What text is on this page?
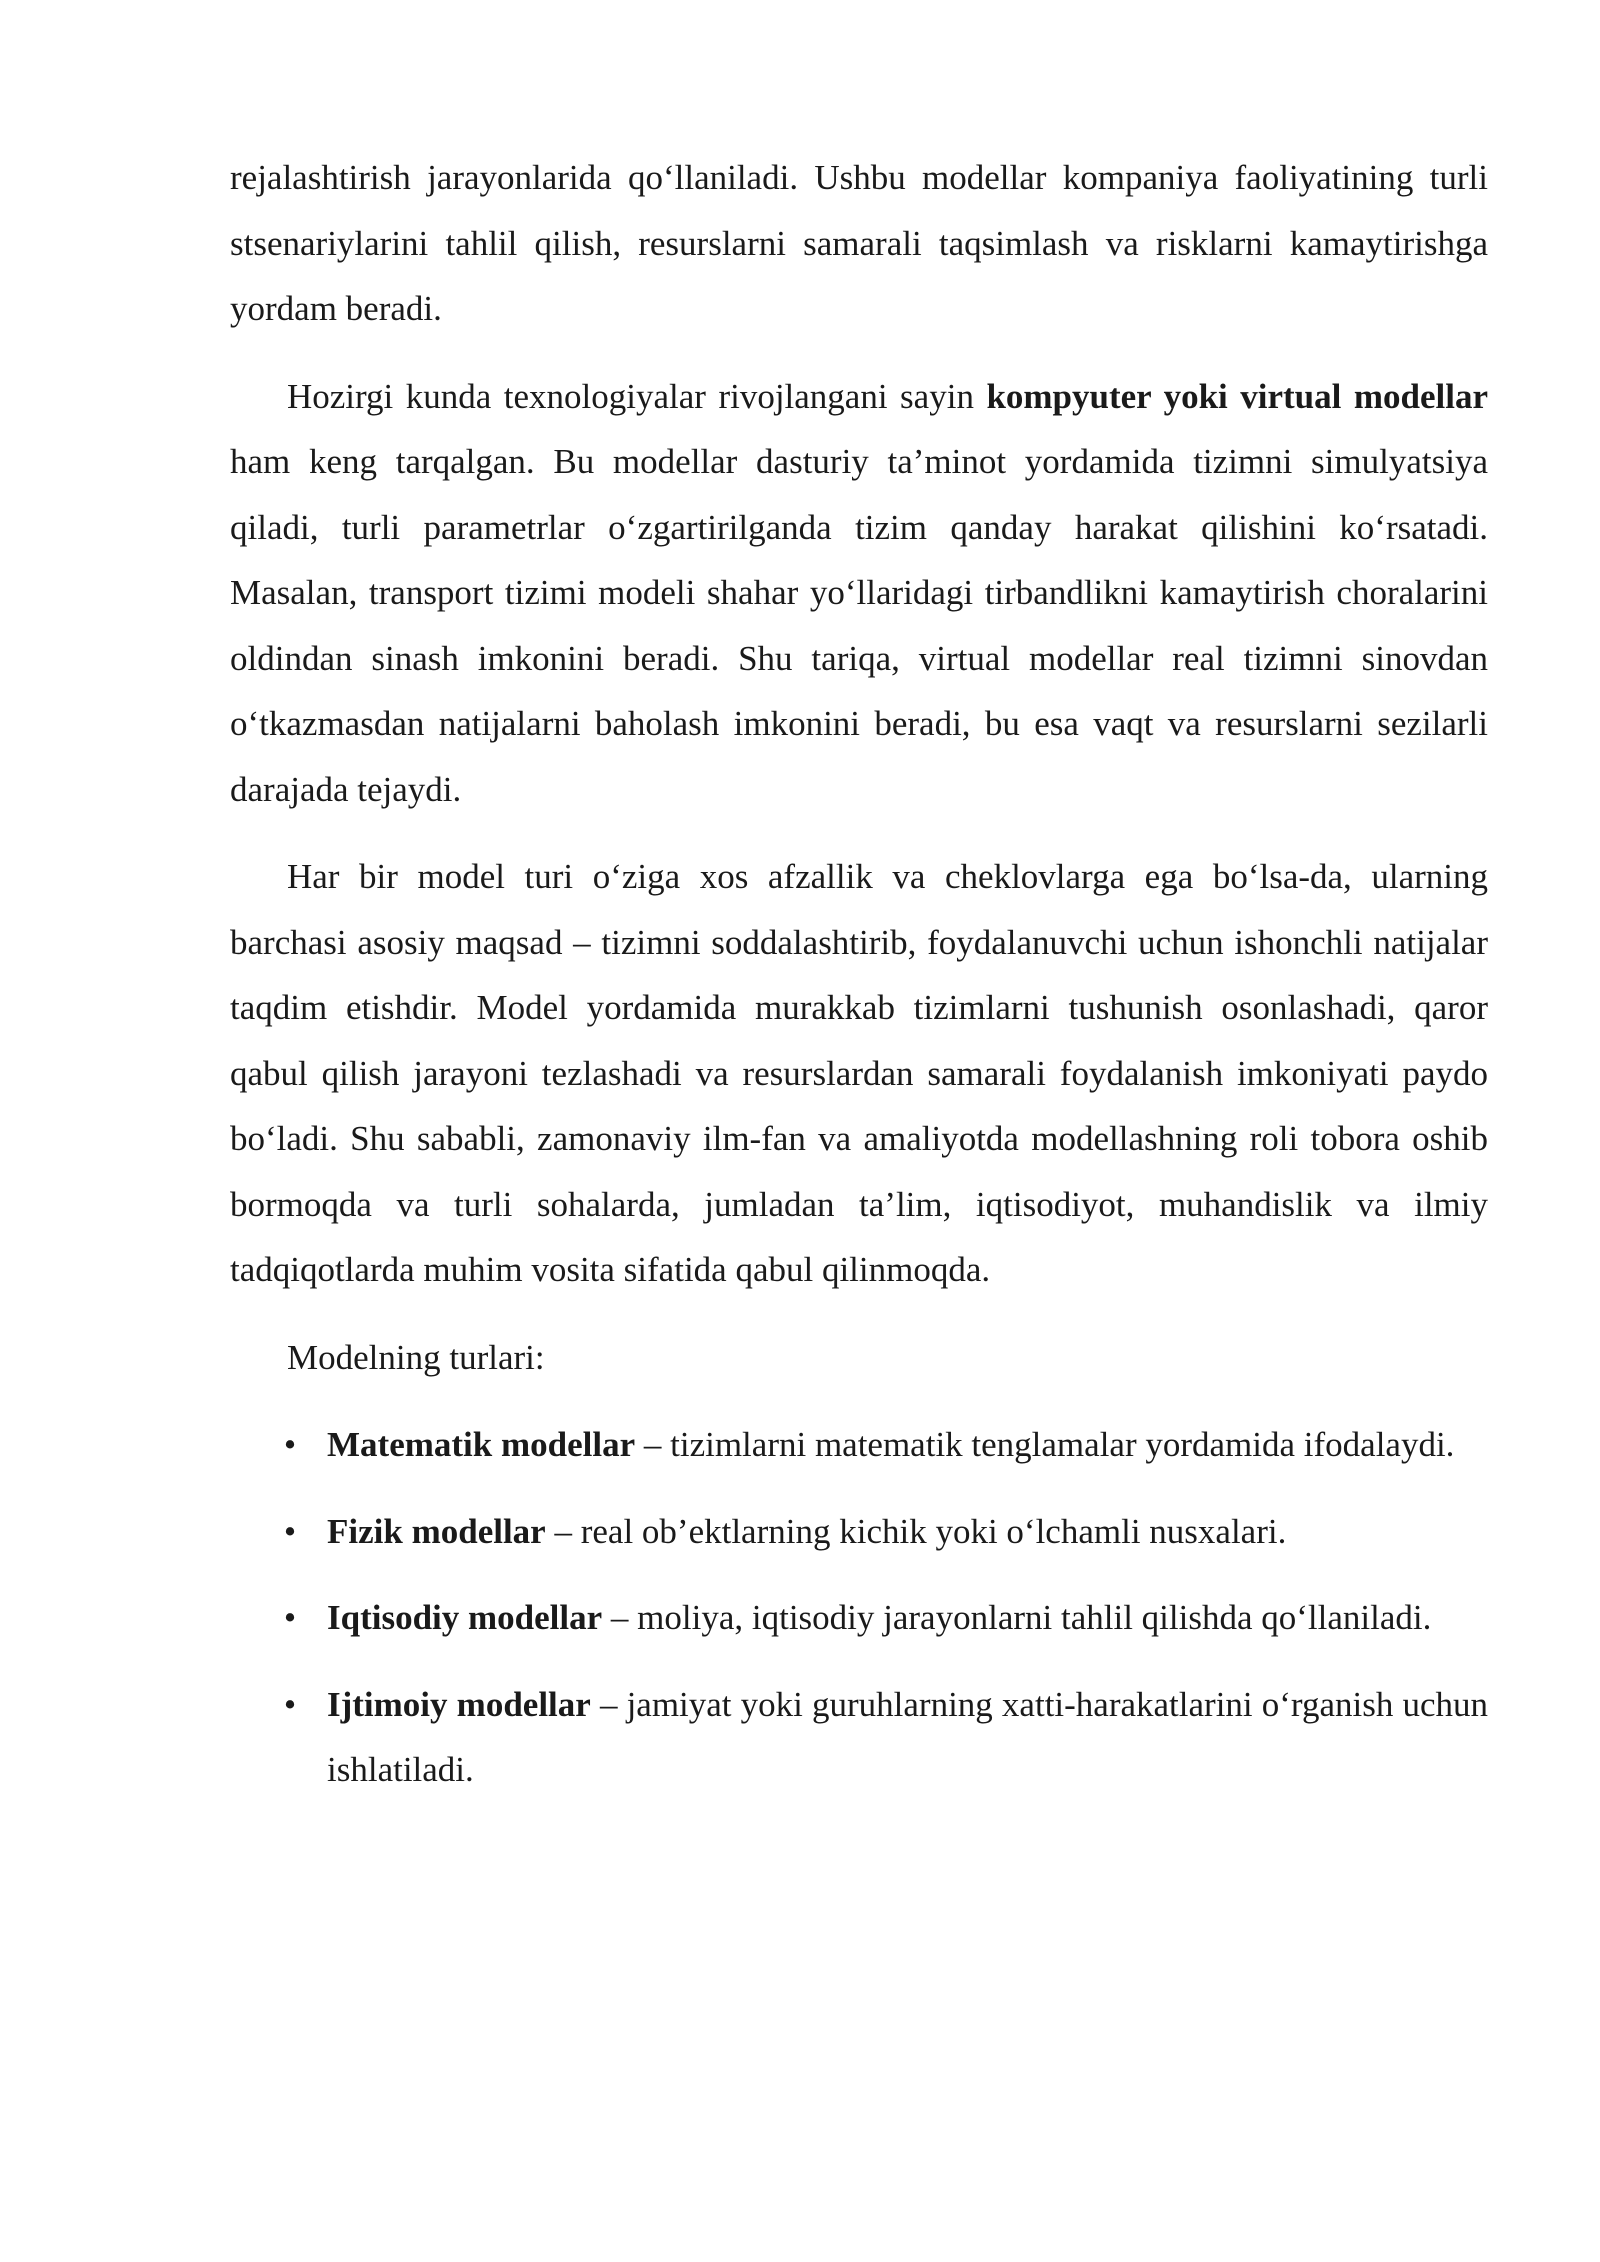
rejalashtirish jarayonlarida qo‘llaniladi. Ushbu modellar kompaniya faoliyatining turli stsenariylarini tahlil qilish, resurslarni samarali taqsimlash va risklarni kamaytirishga yordam beradi.

Hozirgi kunda texnologiyalar rivojlangani sayin kompyuter yoki virtual modellar ham keng tarqalgan. Bu modellar dasturiy ta’minot yordamida tizimni simulyatsiya qiladi, turli parametrlar o‘zgartirilganda tizim qanday harakat qilishini ko‘rsatadi. Masalan, transport tizimi modeli shahar yo‘llaridagi tirbandlikni kamaytirish choralarini oldindan sinash imkonini beradi. Shu tariqa, virtual modellar real tizimni sinovdan o‘tkazmasdan natijalarni baholash imkonini beradi, bu esa vaqt va resurslarni sezilarli darajada tejaydi.

Har bir model turi o‘ziga xos afzallik va cheklovlarga ega bo‘lsa-da, ularning barchasi asosiy maqsad – tizimni soddalashtirib, foydalanuvchi uchun ishonchli natijalar taqdim etishdir. Model yordamida murakkab tizimlarni tushunish osonlashadi, qaror qabul qilish jarayoni tezlashadi va resurslardan samarali foydalanish imkoniyati paydo bo‘ladi. Shu sababli, zamonaviy ilm-fan va amaliyotda modellashning roli tobora oshib bormoqda va turli sohalarda, jumladan ta’lim, iqtisodiyot, muhandislik va ilmiy tadqiqotlarda muhim vosita sifatida qabul qilinmoqda.

Modelning turlari:

• Matematik modellar – tizimlarni matematik tenglamalar yordamida ifodalaydi.
• Fizik modellar – real ob’ektlarning kichik yoki o‘lchamli nusxalari.
• Iqtisodiy modellar – moliya, iqtisodiy jarayonlarni tahlil qilishda qo‘llaniladi.
• Ijtimoiy modellar – jamiyat yoki guruhlarning xatti-harakatlarini o‘rganish uchun ishlatiladi.
